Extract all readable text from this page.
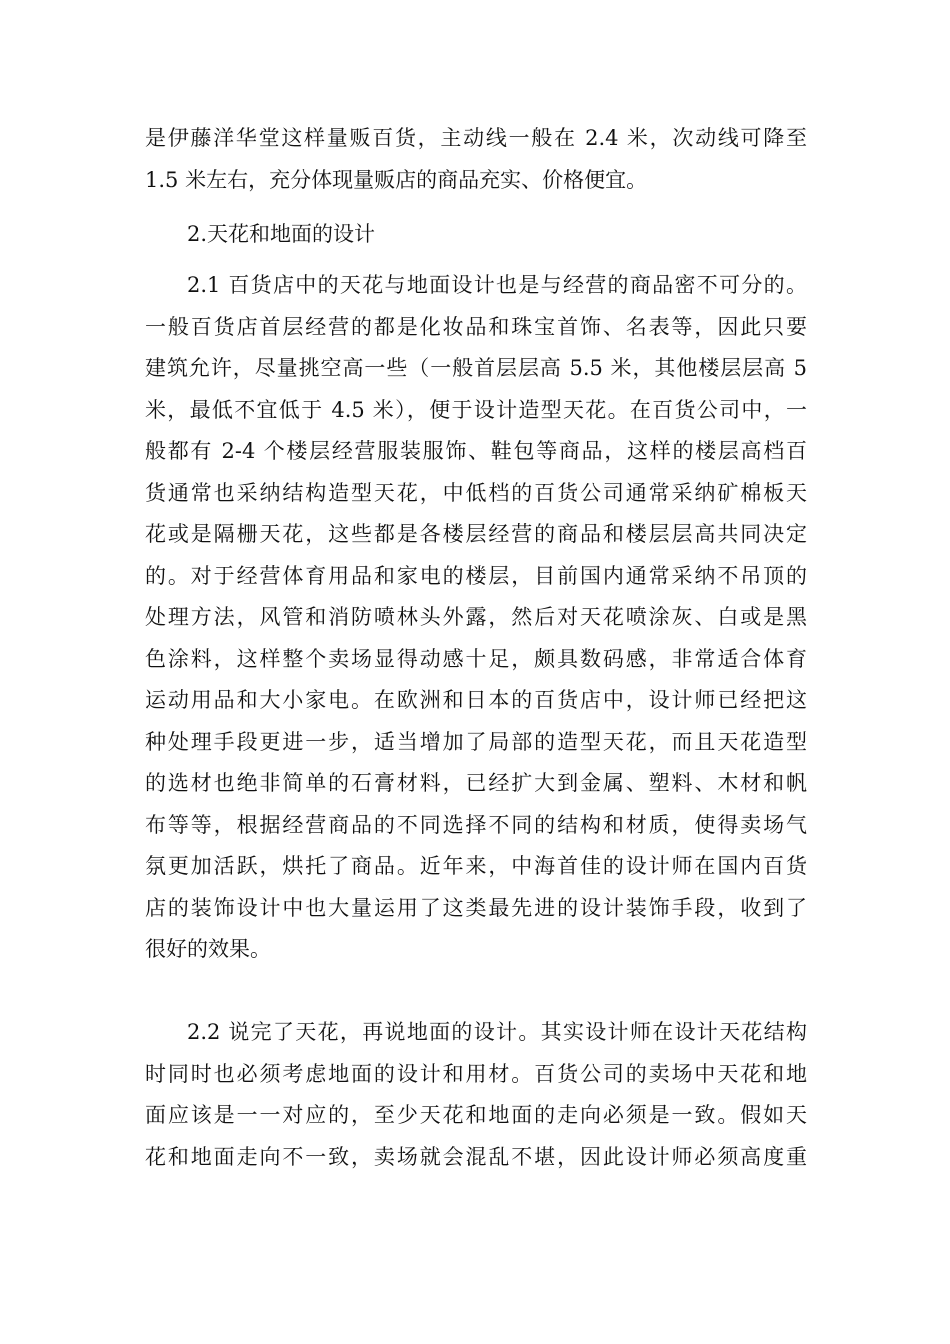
是伊藤洋华堂这样量贩百货，主动线一般在 2.4 米，次动线可降至
1.5 米左右，充分体现量贩店的商品充实、价格便宜。
2.天花和地面的设计
2.1 百货店中的天花与地面设计也是与经营的商品密不可分的。
一般百货店首层经营的都是化妆品和珠宝首饰、名表等，因此只要
建筑允许，尽量挑空高一些（一般首层层高 5.5 米，其他楼层层高 5
米，最低不宜低于 4.5 米），便于设计造型天花。在百货公司中，一
般都有 2-4 个楼层经营服装服饰、鞋包等商品，这样的楼层高档百
货通常也采纳结构造型天花，中低档的百货公司通常采纳矿棉板天
花或是隔栅天花，这些都是各楼层经营的商品和楼层层高共同决定
的。对于经营体育用品和家电的楼层，目前国内通常采纳不吊顶的
处理方法，风管和消防喷林头外露，然后对天花喷涂灰、白或是黑
色涂料，这样整个卖场显得动感十足，颇具数码感，非常适合体育
运动用品和大小家电。在欧洲和日本的百货店中，设计师已经把这
种处理手段更进一步，适当增加了局部的造型天花，而且天花造型
的选材也绝非简单的石膏材料，已经扩大到金属、塑料、木材和帆
布等等，根据经营商品的不同选择不同的结构和材质，使得卖场气
氛更加活跃，烘托了商品。近年来，中海首佳的设计师在国内百货
店的装饰设计中也大量运用了这类最先进的设计装饰手段，收到了
很好的效果。
2.2 说完了天花，再说地面的设计。其实设计师在设计天花结构
时同时也必须考虑地面的设计和用材。百货公司的卖场中天花和地
面应该是一一对应的，至少天花和地面的走向必须是一致。假如天
花和地面走向不一致，卖场就会混乱不堪，因此设计师必须高度重
